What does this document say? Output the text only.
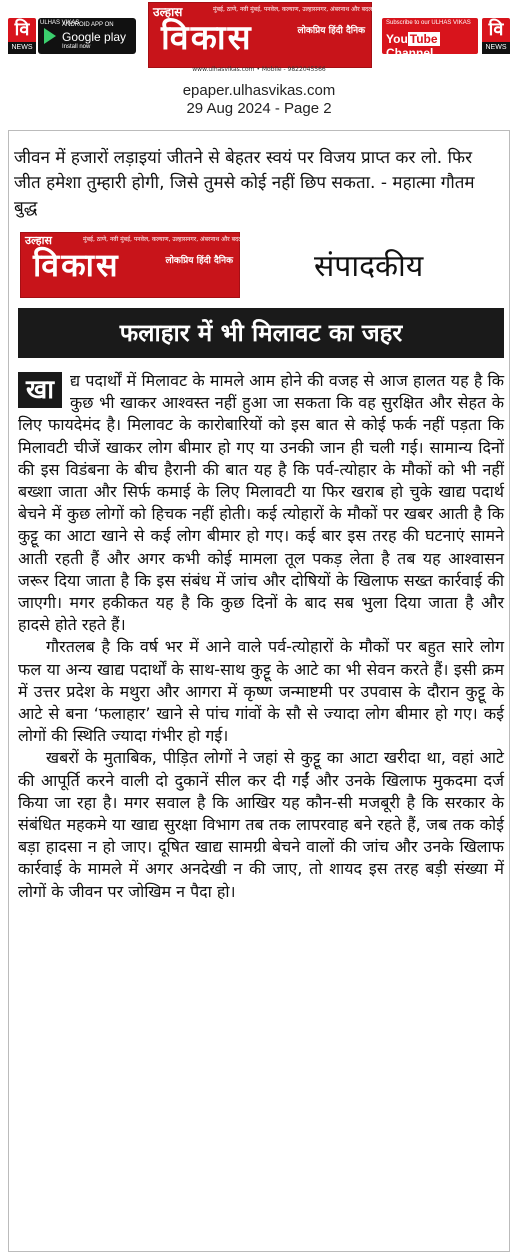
वि
NEWS
ULHAS VIKAS
ANDROID APP ON
Google play
Install now
उल्हास	मुंबई, ठाणे, नवी मुंबई, पनवेल, कल्याण, उल्हासनगर, अंबरनाथ और बदलापुर से प्रकाशित
विकास	लोकप्रिय हिंदी दैनिक
www.ulhasvikas.com • Mobile - 9822045566
Subscribe to our ULHAS VIKAS
You Tube Channel
वि
NEWS
epaper.ulhasvikas.com
29 Aug 2024 - Page 2
जीवन में हजारों लड़ाइयां जीतने से बेहतर स्वयं पर विजय प्राप्त कर लो. फिर जीत हमेशा तुम्हारी होगी, जिसे तुमसे कोई नहीं छिप सकता. - महात्मा गौतम बुद्ध
उल्हास	मुंबई, ठाणे, नवी मुंबई, पनवेल, कल्याण, उल्हासनगर, अंबरनाथ और बदलापुर से प्रकाशित
विकास	लोकप्रिय हिंदी दैनिक	संपादकीय
फलाहार में भी मिलावट का जहर

खा	द्य पदार्थों में मिलावट के मामले आम होने की वजह से आज हालत यह है कि कुछ भी खाकर आश्वस्त नहीं हुआ जा सकता कि वह सुरक्षित और सेहत के लिए फायदेमंद है। मिलावट के कारोबारियों को इस बात से कोई फर्क नहीं पड़ता कि मिलावटी चीजें खाकर लोग बीमार हो गए या उनकी जान ही चली गई। सामान्य दिनों की इस विडंबना के बीच हैरानी की बात यह है कि पर्व-त्योहार के मौकों को भी नहीं बख्शा जाता और सिर्फ कमाई के लिए मिलावटी या फिर खराब हो चुके खाद्य पदार्थ बेचने में कुछ लोगों को हिचक नहीं होती। कई त्योहारों के मौकों पर खबर आती है कि कुट्टू का आटा खाने से कई लोग बीमार हो गए। कई बार इस तरह की घटनाएं सामने आती रहती हैं और अगर कभी कोई मामला तूल पकड़ लेता है तब यह आश्वासन जरूर दिया जाता है कि इस संबंध में जांच और दोषियों के खिलाफ सख्त कार्रवाई की जाएगी। मगर हकीकत यह है कि कुछ दिनों के बाद सब भुला दिया जाता है और हादसे होते रहते हैं।

गौरतलब है कि वर्ष भर में आने वाले पर्व-त्योहारों के मौकों पर बहुत सारे लोग फल या अन्य खाद्य पदार्थों के साथ-साथ कुट्टू के आटे का भी सेवन करते हैं। इसी क्रम में उत्तर प्रदेश के मथुरा और आगरा में कृष्ण जन्माष्टमी पर उपवास के दौरान कुट्टू के आटे से बना ‘फलाहार’ खाने से पांच गांवों के सौ से ज्यादा लोग बीमार हो गए। कई लोगों की स्थिति ज्यादा गंभीर हो गई।

खबरों के मुताबिक, पीड़ित लोगों ने जहां से कुट्टू का आटा खरीदा था, वहां आटे की आपूर्ति करने वाली दो दुकानें सील कर दी गईं और उनके खिलाफ मुकदमा दर्ज किया जा रहा है। मगर सवाल है कि आखिर यह कौन-सी मजबूरी है कि सरकार के संबंधित महकमे या खाद्य सुरक्षा विभाग तब तक लापरवाह बने रहते हैं, जब तक कोई बड़ा हादसा न हो जाए। दूषित खाद्य सामग्री बेचने वालों की जांच और उनके खिलाफ कार्रवाई के मामले में अगर अनदेखी न की जाए, तो शायद इस तरह बड़ी संख्या में लोगों के जीवन पर जोखिम न पैदा हो।
